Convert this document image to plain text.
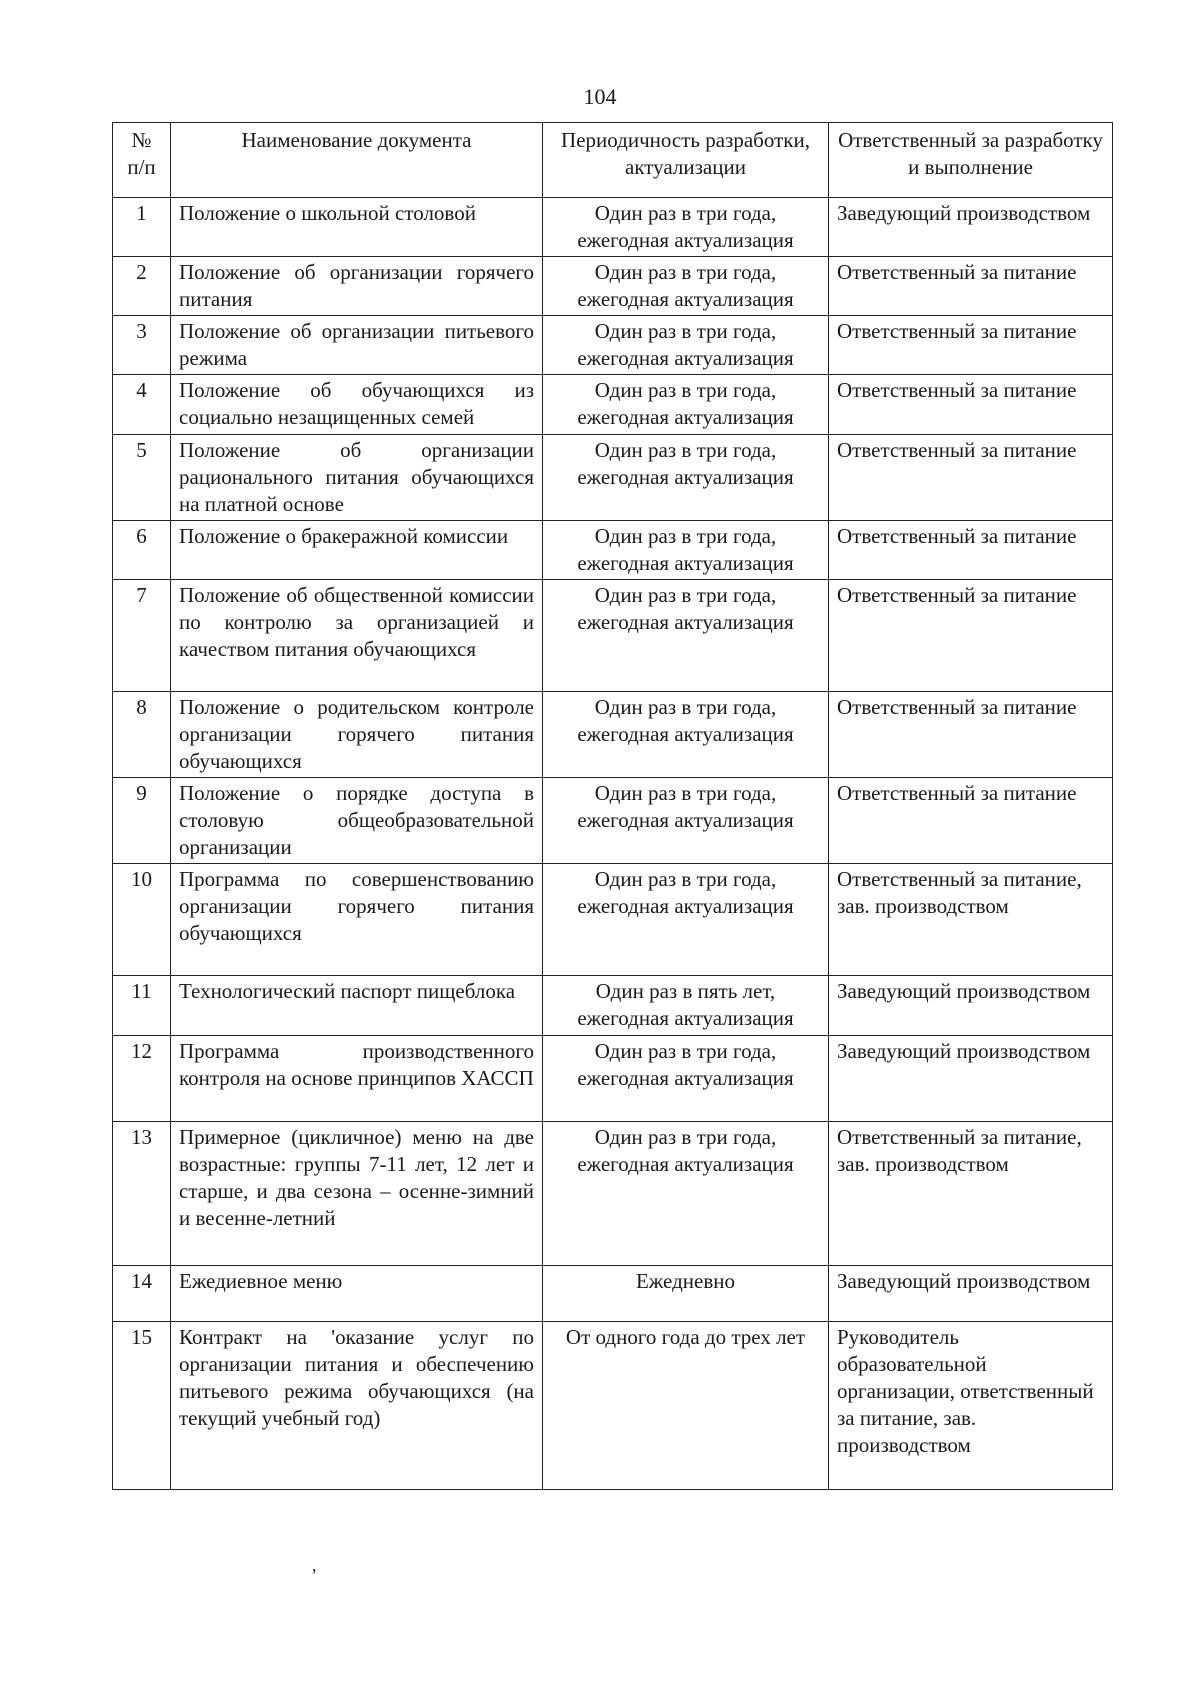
104
№ п/п	Наименование документа	Периодичность разработки, актуализации	Ответственный за разработку и выполнение
1	Положение о школьной столовой	Один раз в три года, ежегодная актуализация	Заведующий производством
2	Положение об организации горячего питания	Один раз в три года, ежегодная актуализация	Ответственный за питание
3	Положение об организации питьевого режима	Один раз в три года, ежегодная актуализация	Ответственный за питание
4	Положение об обучающихся из социально незащищенных семей	Один раз в три года, ежегодная актуализация	Ответственный за питание
5	Положение об организации рационального питания обучающихся на платной основе	Один раз в три года, ежегодная актуализация	Ответственный за питание
6	Положение о бракеражной комиссии	Один раз в три года, ежегодная актуализация	Ответственный за питание
7	Положение об общественной комиссии по контролю за организацией и качеством питания обучающихся	Один раз в три года, ежегодная актуализация	Ответственный за питание
8	Положение о родительском контроле организации горячего питания обучающихся	Один раз в три года, ежегодная актуализация	Ответственный за питание
9	Положение о порядке доступа в столовую общеобразовательной организации	Один раз в три года, ежегодная актуализация	Ответственный за питание
10	Программа по совершенствованию организации горячего питания обучающихся	Один раз в три года, ежегодная актуализация	Ответственный за питание, зав. производством
11	Технологический паспорт пищеблока	Один раз в пять лет, ежегодная актуализация	Заведующий производством
12	Программа производственного контроля на основе принципов ХАССП	Один раз в три года, ежегодная актуализация	Заведующий производством
13	Примерное (цикличное) меню на две возрастные: группы 7-11 лет, 12 лет и старше, и два сезона – осенне-зимний и весенне-летний	Один раз в три года, ежегодная актуализация	Ответственный за питание, зав. производством
14	Ежедиевное меню	Ежедневно	Заведующий производством
15	Контракт на 'оказание услуг по организации питания и обеспечению питьевого режима обучающихся (на текущий учебный год)	От одного года до трех лет	Руководитель образовательной организации, ответственный за питание, зав. производством
,
